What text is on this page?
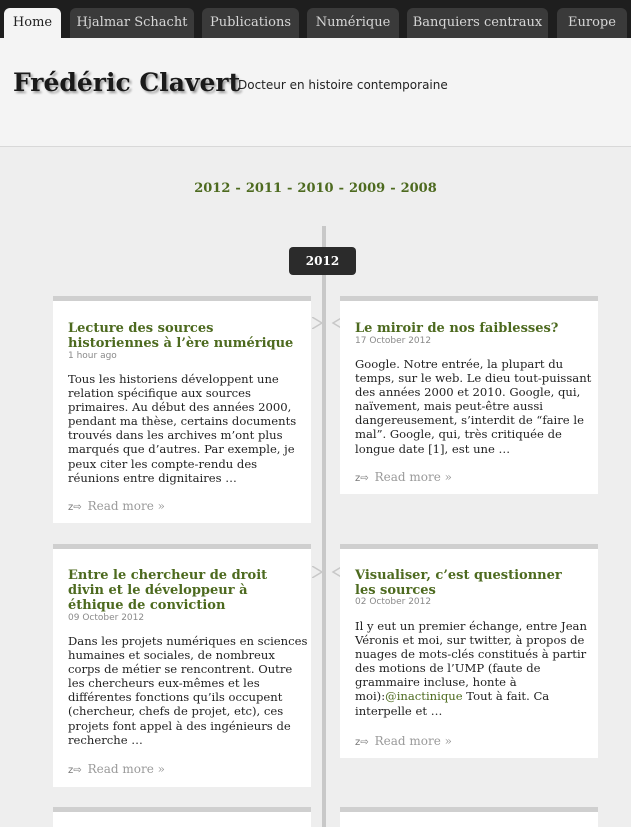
Home	Hjalmar Schacht	Publications	Numérique	Banquiers centraux	Europe
Frédéric Clavert
Docteur en histoire contemporaine
2012 - 2011 - 2010 - 2009 - 2008
2012
Lecture des sources historiennes à l’ère numérique
1 hour ago
Tous les historiens développent une
relation spécifique aux sources
primaires. Au début des années 2000,
pendant ma thèse, certains documents
trouvés dans les archives m’ont plus
marqués que d’autres. Par exemple, je
peux citer les compte-rendu des
réunions entre dignitaires …
z⇨ Read more »
Le miroir de nos faiblesses?
17 October 2012
Google. Notre entrée, la plupart du
temps, sur le web. Le dieu tout-puissant
des années 2000 et 2010. Google, qui,
naïvement, mais peut-être aussi
dangereusement, s’interdit de “faire le
mal”. Google, qui, très critiquée de
longue date [1], est une …
z⇨ Read more »
Entre le chercheur de droit divin et le développeur à éthique de conviction
09 October 2012
Dans les projets numériques en sciences
humaines et sociales, de nombreux
corps de métier se rencontrent. Outre
les chercheurs eux-mêmes et les
différentes fonctions qu’ils occupent
(chercheur, chefs de projet, etc), ces
projets font appel à des ingénieurs de
recherche …
z⇨ Read more »
Visualiser, c’est questionner les sources
02 October 2012
Il y eut un premier échange, entre Jean
Véronis et moi, sur twitter, à propos de
nuages de mots-clés constitués à partir
des motions de l’UMP (faute de
grammaire incluse, honte à
moi):@inactinique Tout à fait. Ca
interpelle et …
z⇨ Read more »
